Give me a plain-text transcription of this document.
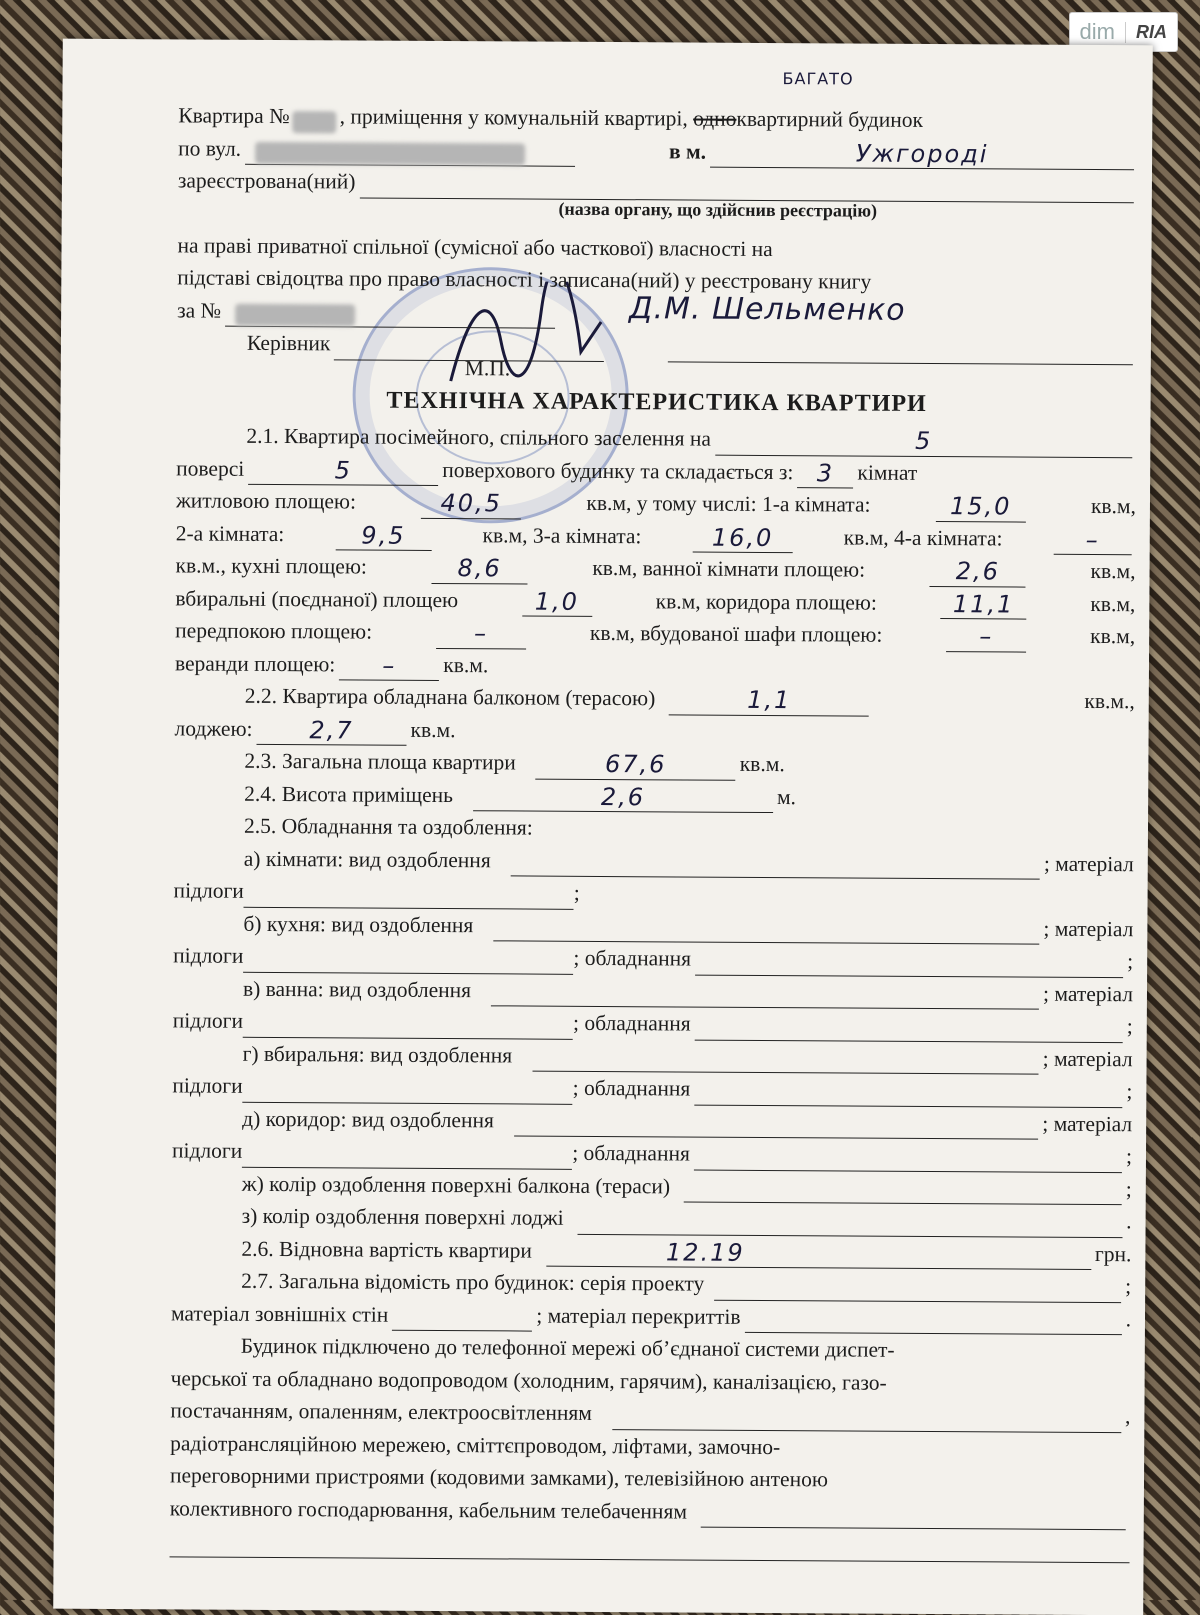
dim	RIA
БАГАТО
Квартира № , приміщення у комунальній квартирі,
одно квартирний будинок
по вул.	в м.	Ужгороді
зареєстрована(ний)
(назва органу, що здійснив реєстрацію)
на праві приватної спільної (сумісної або часткової) власності на
підставі свідоцтва про право власності і записана(ний) у реєстровану книгу
за №	Д.М. Шельменко
Керівник
М.П.
ТЕХНІЧНА ХАРАКТЕРИСТИКА КВАРТИРИ
2.1. Квартира посімейного, спільного заселення на	5
поверсі	5	поверхового будинку та складається з: 3	кімнат
житловою площею:	40,5	кв.м, у тому числі: 1-а кімната:	15,0	кв.м,
2-а кімната:	9,5	кв.м, 3-а кімната:	16,0	кв.м, 4-а кімната:	–
кв.м., кухні площею:	8,6	кв.м, ванної кімнати площею:	2,6	кв.м,
вбиральні (поєднаної) площею	1,0	кв.м, коридора площею:	11,1	кв.м,
передпокою площею:	–	кв.м, вбудованої шафи площею:	–	кв.м,
веранди площею:	–	кв.м.
2.2. Квартира обладнана балконом (терасою)	1,1	кв.м.,
лоджею:	2,7	кв.м.
2.3. Загальна площа квартири	67,6	кв.м.
2.4. Висота приміщень	2,6	м.
2.5. Обладнання та оздоблення:
а) кімнати:
вид оздоблення	; матеріал
підлоги	;
б) кухня:
вид оздоблення	; матеріал
підлоги	; обладнання	;
в) ванна:
вид оздоблення	; матеріал
підлоги	; обладнання	;
г) вбиральня:
вид оздоблення	; матеріал
підлоги	; обладнання	;
д) коридор:
вид оздоблення	; матеріал
підлоги	; обладнання	;
ж) колір оздоблення поверхні балкона (тераси)	;
з) колір оздоблення поверхні лоджі	.
2.6. Відновна вартість квартири	12.19	грн.
2.7. Загальна відомість про будинок: серія проекту	;
матеріал зовнішніх стін	; матеріал перекриттів	.
Будинок підключено до телефонної мережі об’єднаної системи диспет-
черської та обладнано водопроводом (холодним, гарячим), каналізацією, газо-
постачанням, опаленням, електроосвітленням	,
радіотрансляційною мережею, сміттєпроводом, ліфтами, замочно-
переговорними пристроями (кодовими замками), телевізійною антеною
колективного господарювання, кабельним телебаченням
